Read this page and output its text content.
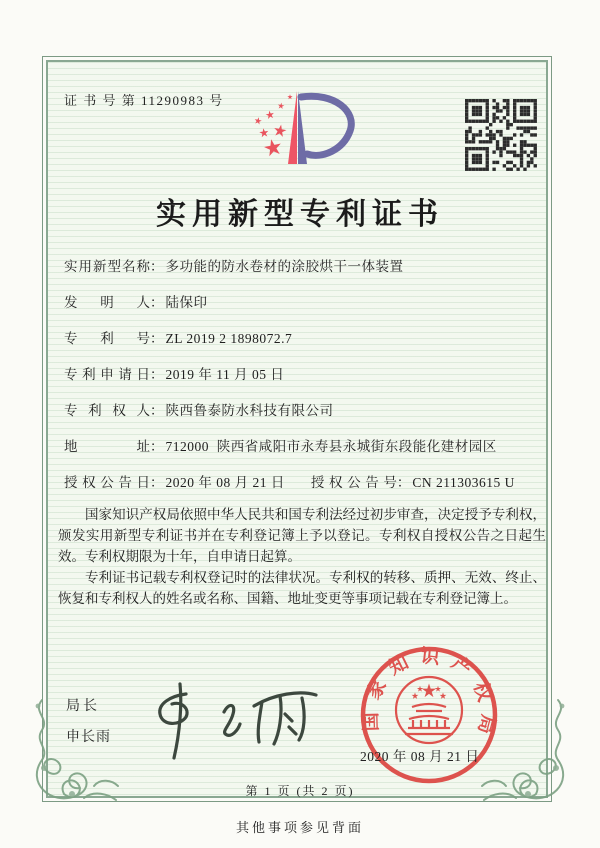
证 书 号 第 11290983 号
实用新型专利证书
实用新型名称： 多功能的防水卷材的涂胶烘干一体装置
发明人： 陆保印
专利号： ZL 2019 2 1898072.7
专利申请日： 2019 年 11 月 05 日
专利权人： 陕西鲁泰防水科技有限公司
地址： 712000  陕西省咸阳市永寿县永城街东段能化建材园区
授权公告日： 2020 年 08 月 21 日 授权公告号： CN 211303615 U

国家知识产权局依照中华人民共和国专利法经过初步审查，决定授予专利权，颁发实用新型专利证书并在专利登记簿上予以登记。专利权自授权公告之日起生效。专利权期限为十年，自申请日起算。

专利证书记载专利权登记时的法律状况。专利权的转移、质押、无效、终止、恢复和专利权人的姓名或名称、国籍、地址变更等事项记载在专利登记簿上。

局长
申长雨
国家知识产权局
2020 年 08 月 21 日
第 1 页 (共 2 页)
其他事项参见背面
